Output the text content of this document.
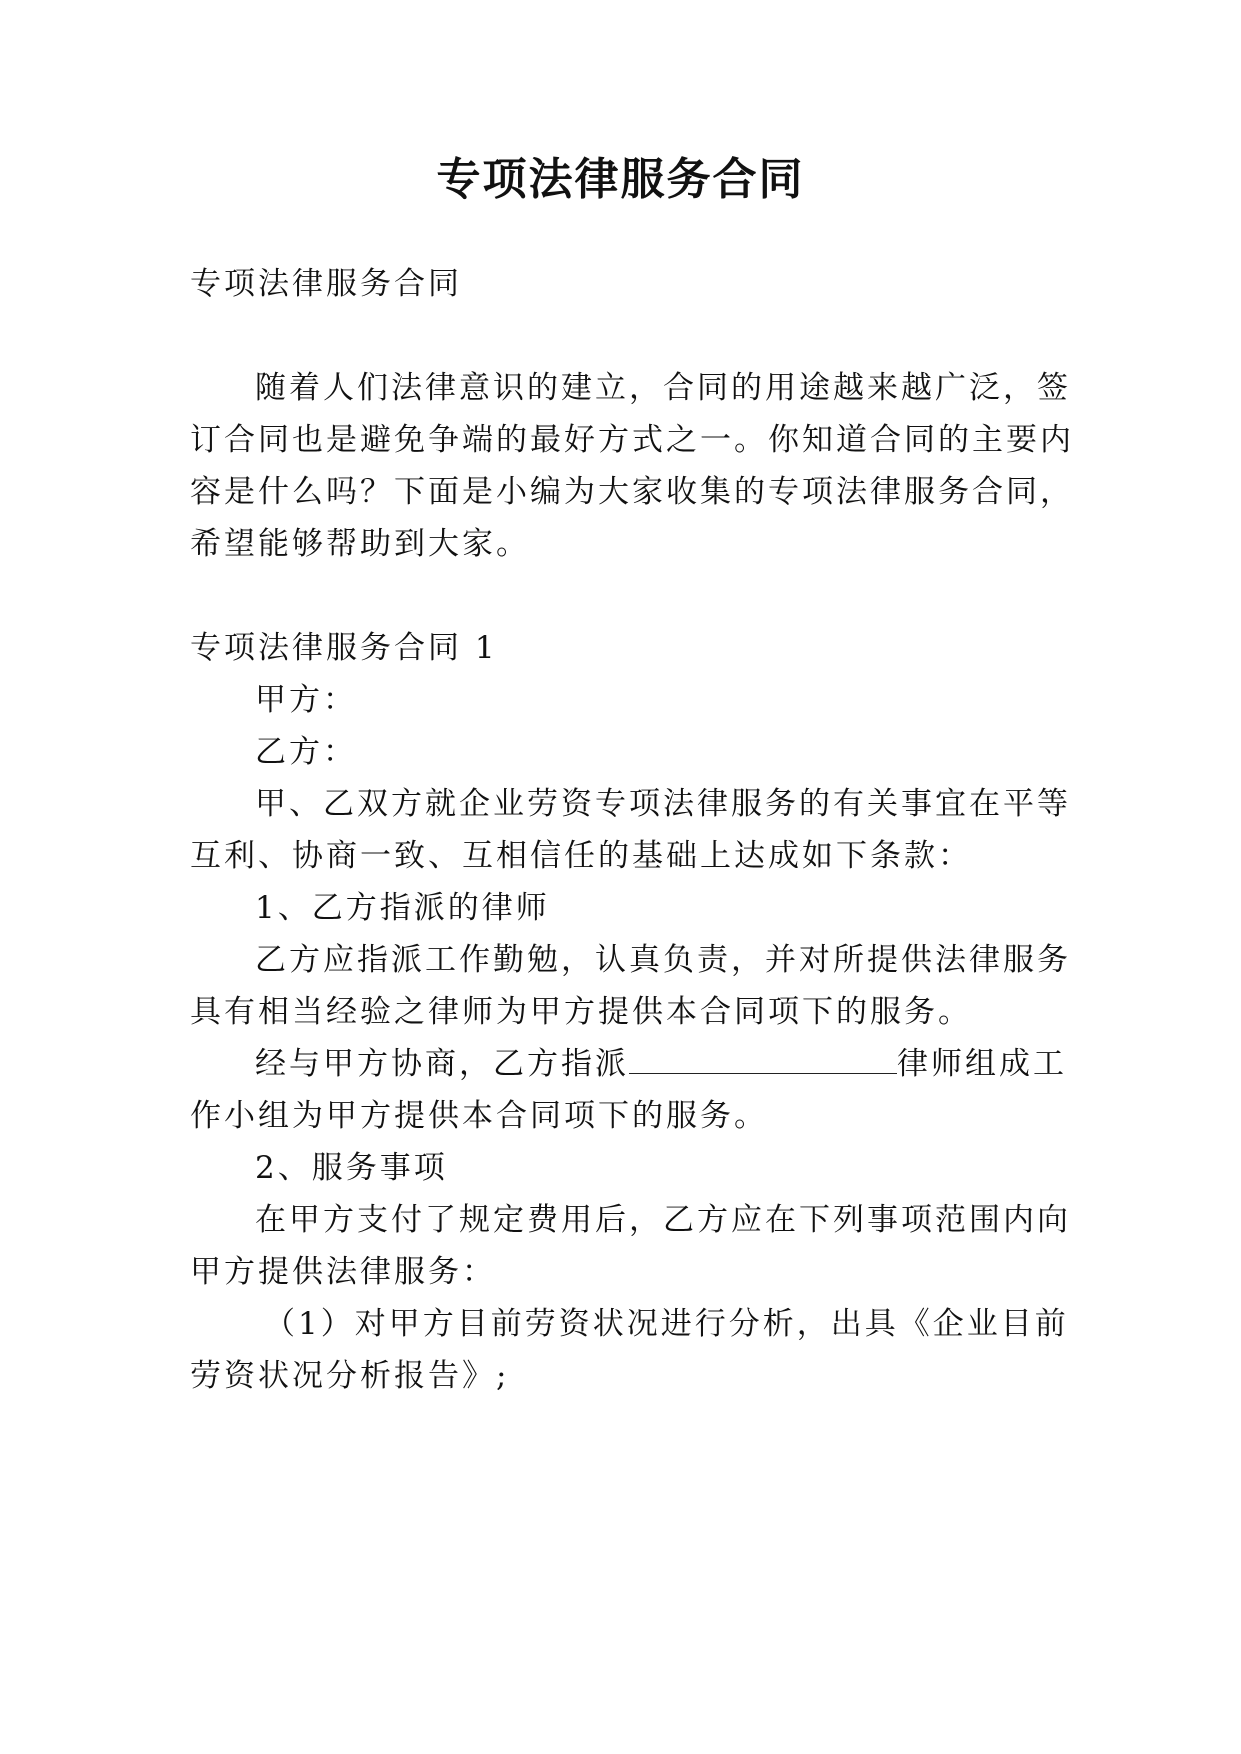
专项法律服务合同
专项法律服务合同
随着人们法律意识的建立，合同的用途越来越广泛，签
订合同也是避免争端的最好方式之一。你知道合同的主要内
容是什么吗？下面是小编为大家收集的专项法律服务合同，
希望能够帮助到大家。
专项法律服务合同 1
甲方：
乙方：
甲、乙双方就企业劳资专项法律服务的有关事宜在平等
互利、协商一致、互相信任的基础上达成如下条款：
1、乙方指派的律师
乙方应指派工作勤勉，认真负责，并对所提供法律服务
具有相当经验之律师为甲方提供本合同项下的服务。
经与甲方协商，乙方指派	律师组成工
作小组为甲方提供本合同项下的服务。
2、服务事项
在甲方支付了规定费用后，乙方应在下列事项范围内向
甲方提供法律服务：
（1）对甲方目前劳资状况进行分析，出具《企业目前
劳资状况分析报告》;
